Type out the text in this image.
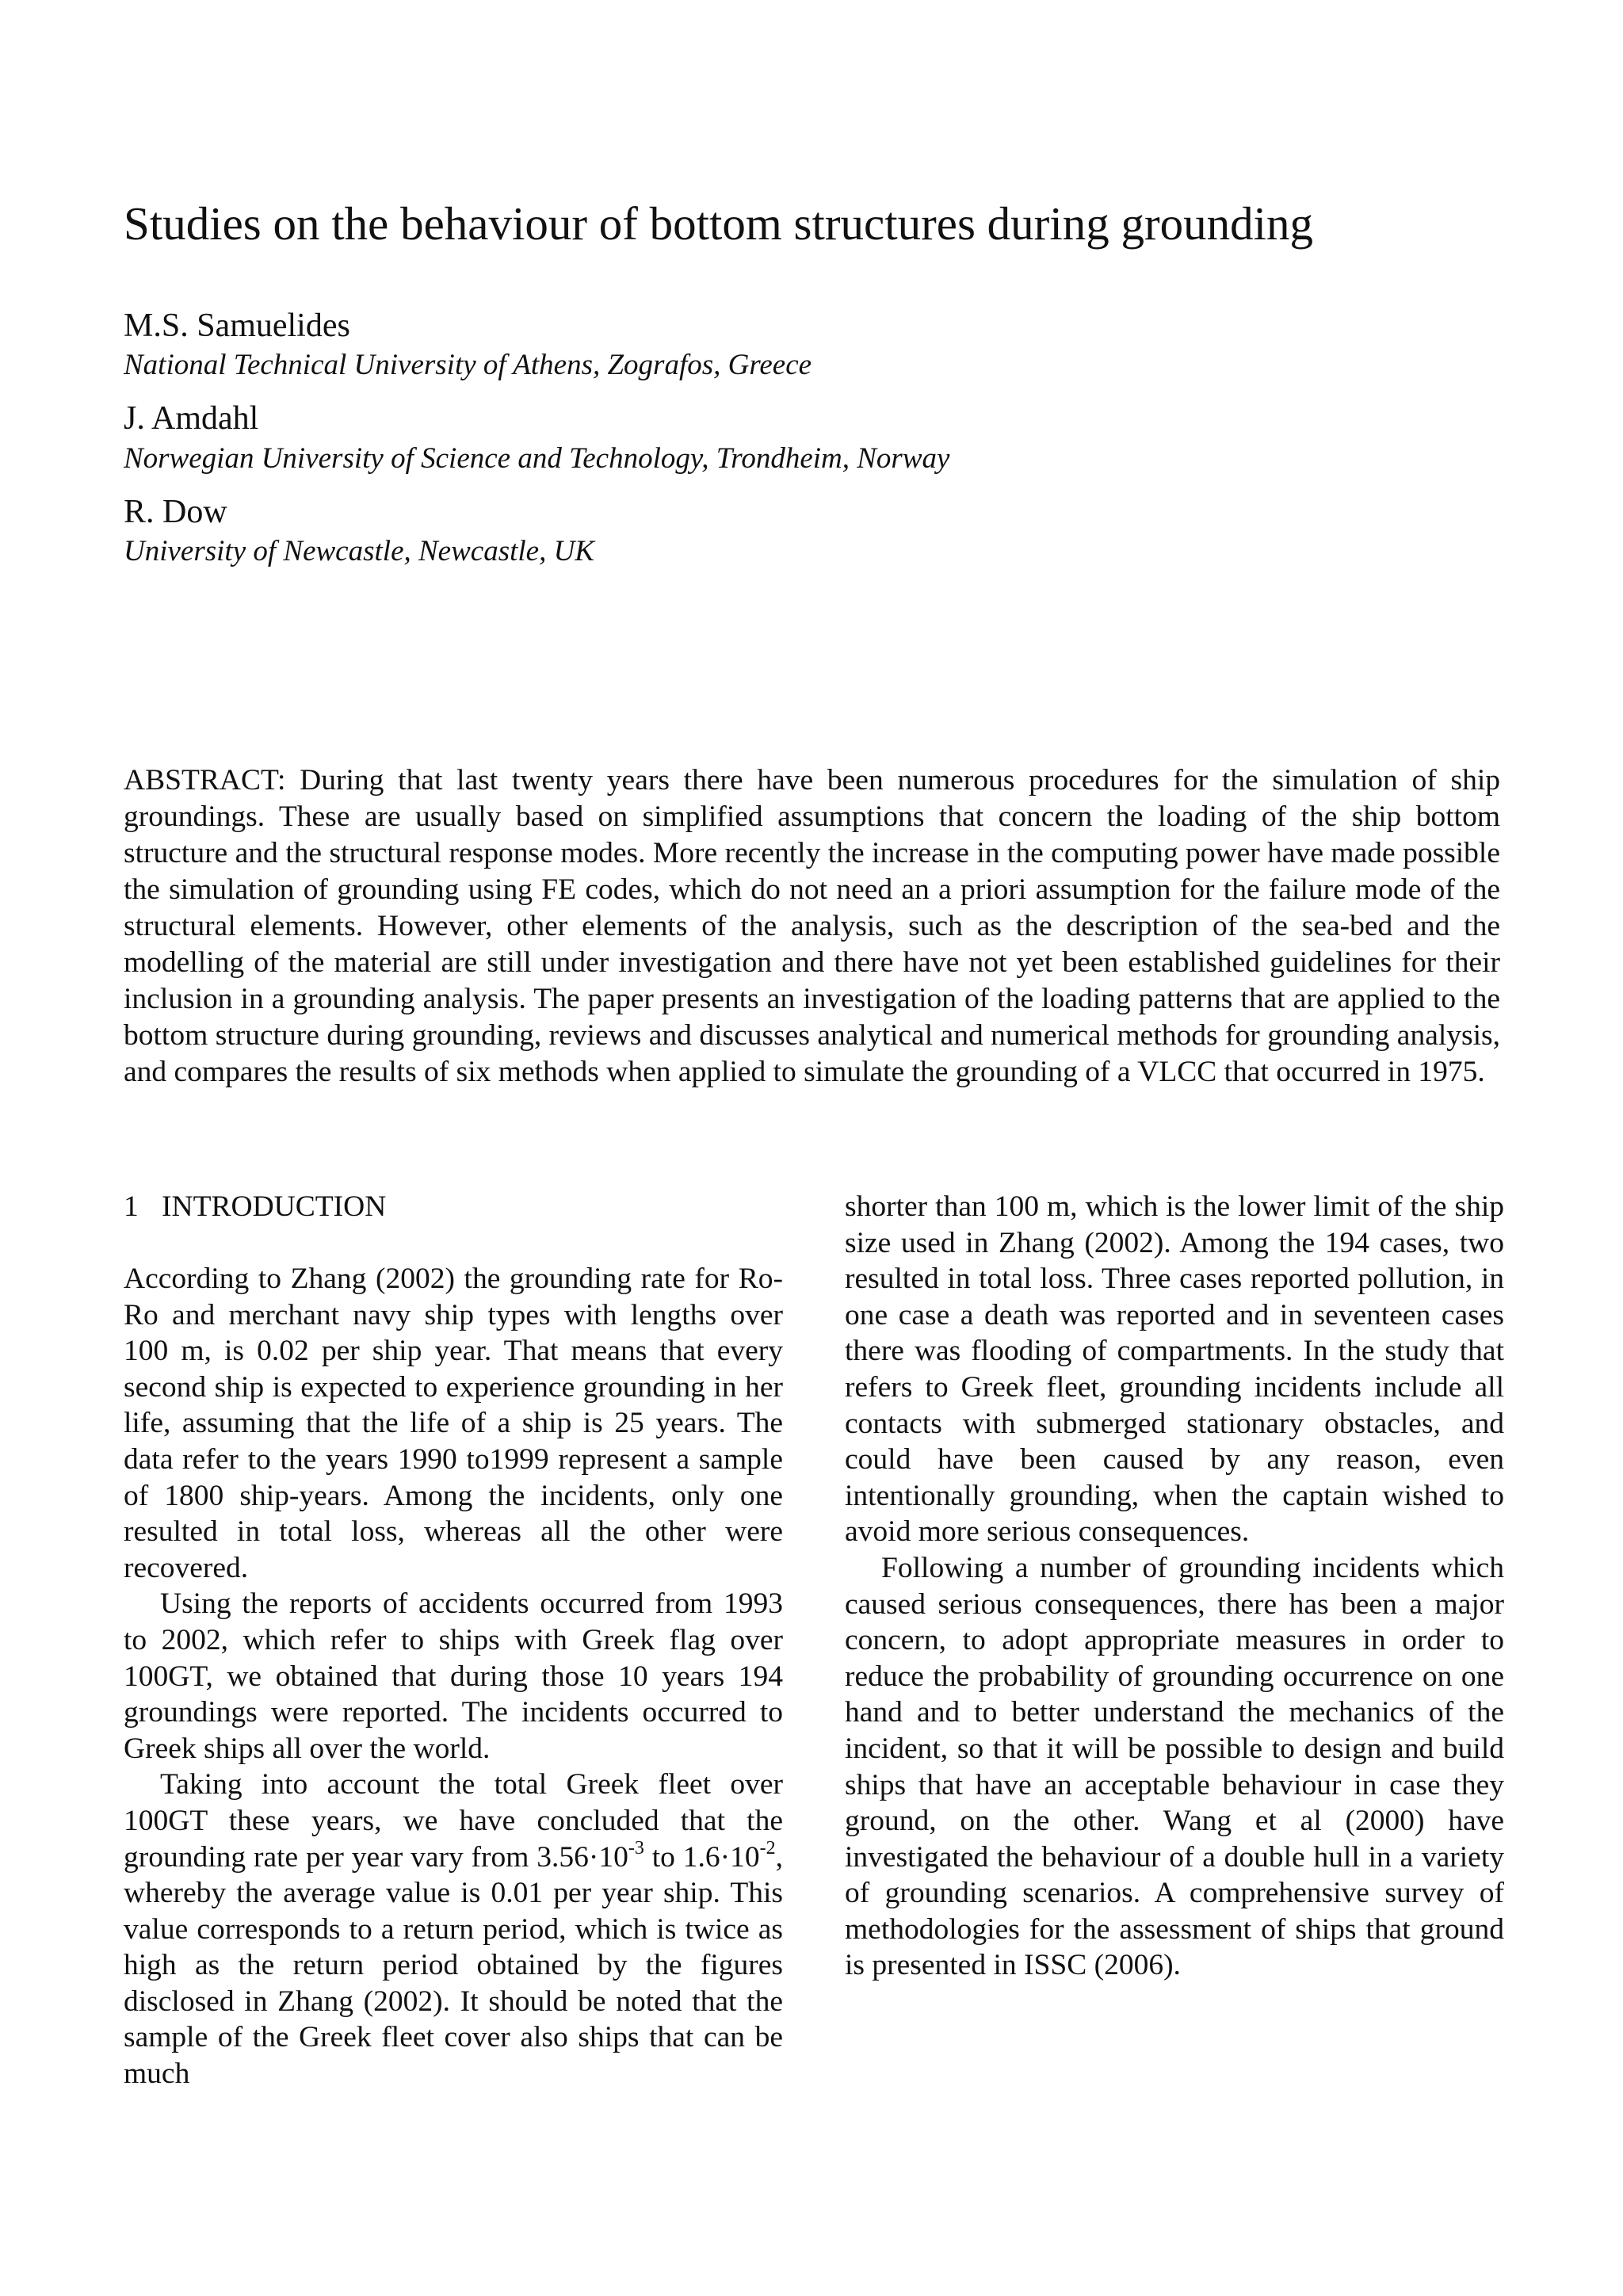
Studies on the behaviour of bottom structures during grounding
M.S. Samuelides
National Technical University of Athens, Zografos, Greece
J. Amdahl
Norwegian University of Science and Technology, Trondheim, Norway
R. Dow
University of Newcastle, Newcastle, UK

ABSTRACT: During that last twenty years there have been numerous procedures for the simulation of ship groundings. These are usually based on simplified assumptions that concern the loading of the ship bottom structure and the structural response modes. More recently the increase in the computing power have made possible the simulation of grounding using FE codes, which do not need an a priori assumption for the failure mode of the structural elements. However, other elements of the analysis, such as the description of the sea-bed and the modelling of the material are still under investigation and there have not yet been established guidelines for their inclusion in a grounding analysis. The paper presents an investigation of the loading patterns that are applied to the bottom structure during grounding, reviews and discusses analytical and numerical methods for grounding analysis, and compares the results of six methods when applied to simulate the grounding of a VLCC that occurred in 1975.

1 INTRODUCTION

According to Zhang (2002) the grounding rate for Ro-Ro and merchant navy ship types with lengths over 100 m, is 0.02 per ship year. That means that every second ship is expected to experience grounding in her life, assuming that the life of a ship is 25 years. The data refer to the years 1990 to1999 represent a sample of 1800 ship-years. Among the incidents, only one resulted in total loss, whereas all the other were recovered.

Using the reports of accidents occurred from 1993 to 2002, which refer to ships with Greek flag over 100GT, we obtained that during those 10 years 194 groundings were reported. The incidents occurred to Greek ships all over the world.

Taking into account the total Greek fleet over 100GT these years, we have concluded that the grounding rate per year vary from $3.56\cdot 10^{-3}$ to $1.6\cdot 10^{-2}$, whereby the average value is 0.01 per year ship. This value corresponds to a return period, which is twice as high as the return period obtained by the figures disclosed in Zhang (2002). It should be noted that the sample of the Greek fleet cover also ships that can be much

shorter than 100 m, which is the lower limit of the ship size used in Zhang (2002). Among the 194 cases, two resulted in total loss. Three cases reported pollution, in one case a death was reported and in seventeen cases there was flooding of compartments. In the study that refers to Greek fleet, grounding incidents include all contacts with submerged stationary obstacles, and could have been caused by any reason, even intentionally grounding, when the captain wished to avoid more serious consequences.

Following a number of grounding incidents which caused serious consequences, there has been a major concern, to adopt appropriate measures in order to reduce the probability of grounding occurrence on one hand and to better understand the mechanics of the incident, so that it will be possible to design and build ships that have an acceptable behaviour in case they ground, on the other. Wang et al (2000) have investigated the behaviour of a double hull in a variety of grounding scenarios. A comprehensive survey of methodologies for the assessment of ships that ground is presented in ISSC (2006).
